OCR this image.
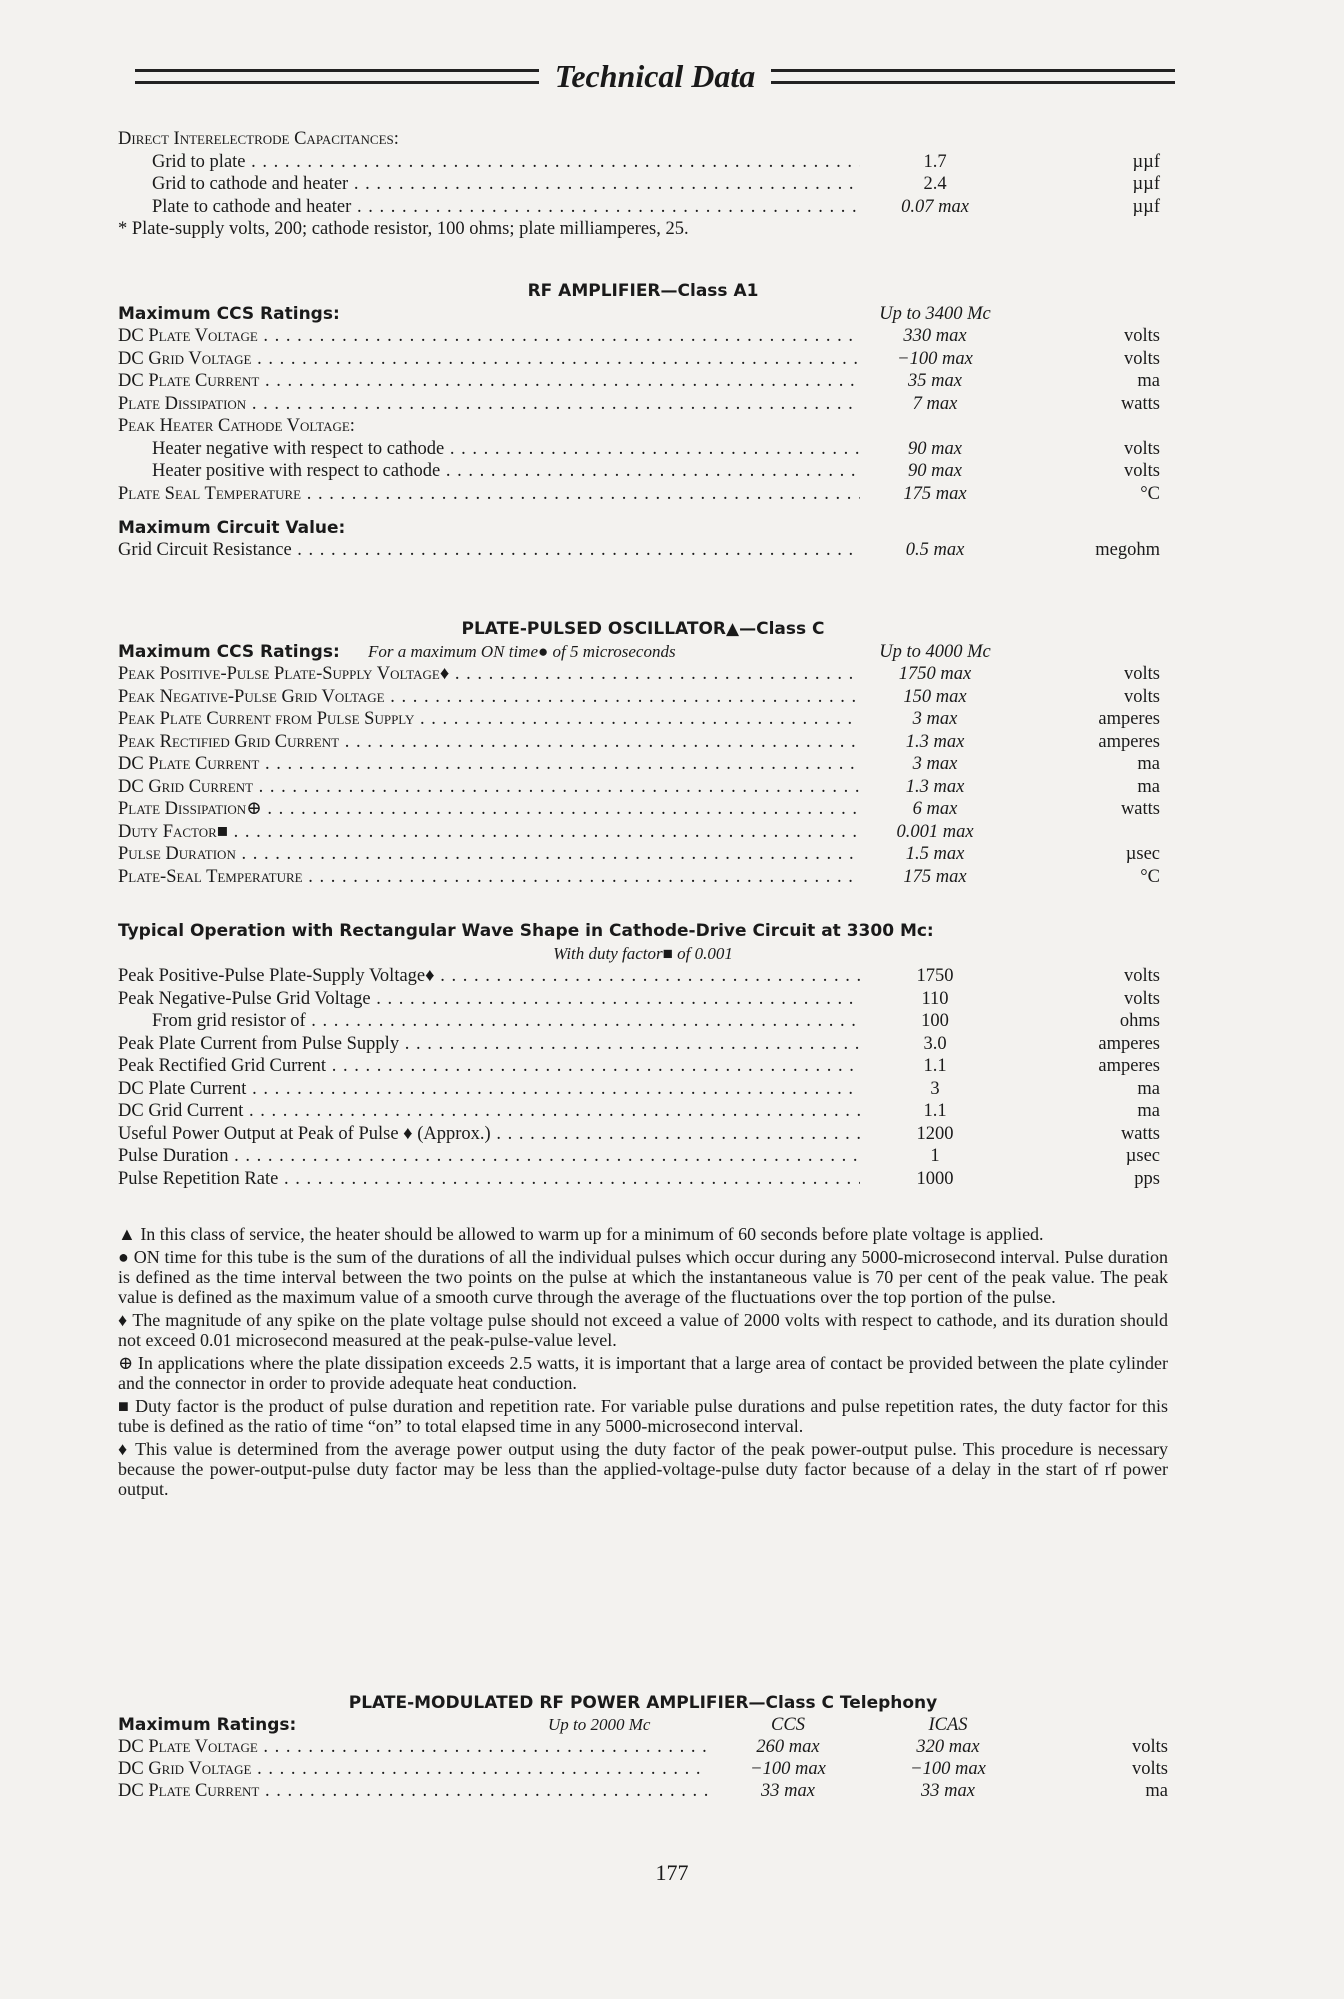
Technical Data
Direct Interelectrode Capacitances:
Grid to plate . . .	1.7	µµf
Grid to cathode and heater . . .	2.4	µµf
Plate to cathode and heater . . .	0.07 max	µµf
* Plate-supply volts, 200; cathode resistor, 100 ohms; plate milliamperes, 25.
RF AMPLIFIER—Class A1
Maximum CCS Ratings:	Up to 3400 Mc
DC Plate Voltage . . .	330 max	volts
DC Grid Voltage . . .	−100 max	volts
DC Plate Current . . .	35 max	ma
Plate Dissipation . . .	7 max	watts
Peak Heater Cathode Voltage:
Heater negative with respect to cathode . . .	90 max	volts
Heater positive with respect to cathode . . .	90 max	volts
Plate Seal Temperature . . .	175 max	°C
Maximum Circuit Value:
Grid Circuit Resistance . . .	0.5 max	megohm
PLATE-PULSED OSCILLATOR▲—Class C
Maximum CCS Ratings:	For a maximum ON time● of 5 microseconds	Up to 4000 Mc
Peak Positive-Pulse Plate-Supply Voltage♦ . . .	1750 max	volts
Peak Negative-Pulse Grid Voltage . . .	150 max	volts
Peak Plate Current from Pulse Supply . . .	3 max	amperes
Peak Rectified Grid Current . . .	1.3 max	amperes
DC Plate Current . . .	3 max	ma
DC Grid Current . . .	1.3 max	ma
Plate Dissipation⊕ . . .	6 max	watts
Duty Factor■ . . .	0.001 max
Pulse Duration . . .	1.5 max	µsec
Plate-Seal Temperature . . .	175 max	°C
Typical Operation with Rectangular Wave Shape in Cathode-Drive Circuit at 3300 Mc:
With duty factor■ of 0.001
Peak Positive-Pulse Plate-Supply Voltage♦ . . .	1750	volts
Peak Negative-Pulse Grid Voltage . . .	110	volts
From grid resistor of . . .	100	ohms
Peak Plate Current from Pulse Supply . . .	3.0	amperes
Peak Rectified Grid Current . . .	1.1	amperes
DC Plate Current . . .	3	ma
DC Grid Current . . .	1.1	ma
Useful Power Output at Peak of Pulse ♦ (Approx.) . . .	1200	watts
Pulse Duration . . .	1	µsec
Pulse Repetition Rate . . .	1000	pps

▲ In this class of service, the heater should be allowed to warm up for a minimum of 60 seconds before plate voltage is applied.

● ON time for this tube is the sum of the durations of all the individual pulses which occur during any 5000-microsecond interval. Pulse duration is defined as the time interval between the two points on the pulse at which the instantaneous value is 70 per cent of the peak value. The peak value is defined as the maximum value of a smooth curve through the average of the fluctuations over the top portion of the pulse.

♦ The magnitude of any spike on the plate voltage pulse should not exceed a value of 2000 volts with respect to cathode, and its duration should not exceed 0.01 microsecond measured at the peak-pulse-value level.

⊕ In applications where the plate dissipation exceeds 2.5 watts, it is important that a large area of contact be provided between the plate cylinder and the connector in order to provide adequate heat conduction.

■ Duty factor is the product of pulse duration and repetition rate. For variable pulse durations and pulse repetition rates, the duty factor for this tube is defined as the ratio of time “on” to total elapsed time in any 5000-microsecond interval.

♦ This value is determined from the average power output using the duty factor of the peak power-output pulse. This procedure is necessary because the power-output-pulse duty factor may be less than the applied-voltage-pulse duty factor because of a delay in the start of rf power output.

PLATE-MODULATED RF POWER AMPLIFIER—Class C Telephony
Maximum Ratings:	Up to 2000 Mc	CCS	ICAS
DC Plate Voltage . . .	260 max	320 max	volts
DC Grid Voltage . . .	−100 max	−100 max	volts
DC Plate Current . . .	33 max	33 max	ma
177
